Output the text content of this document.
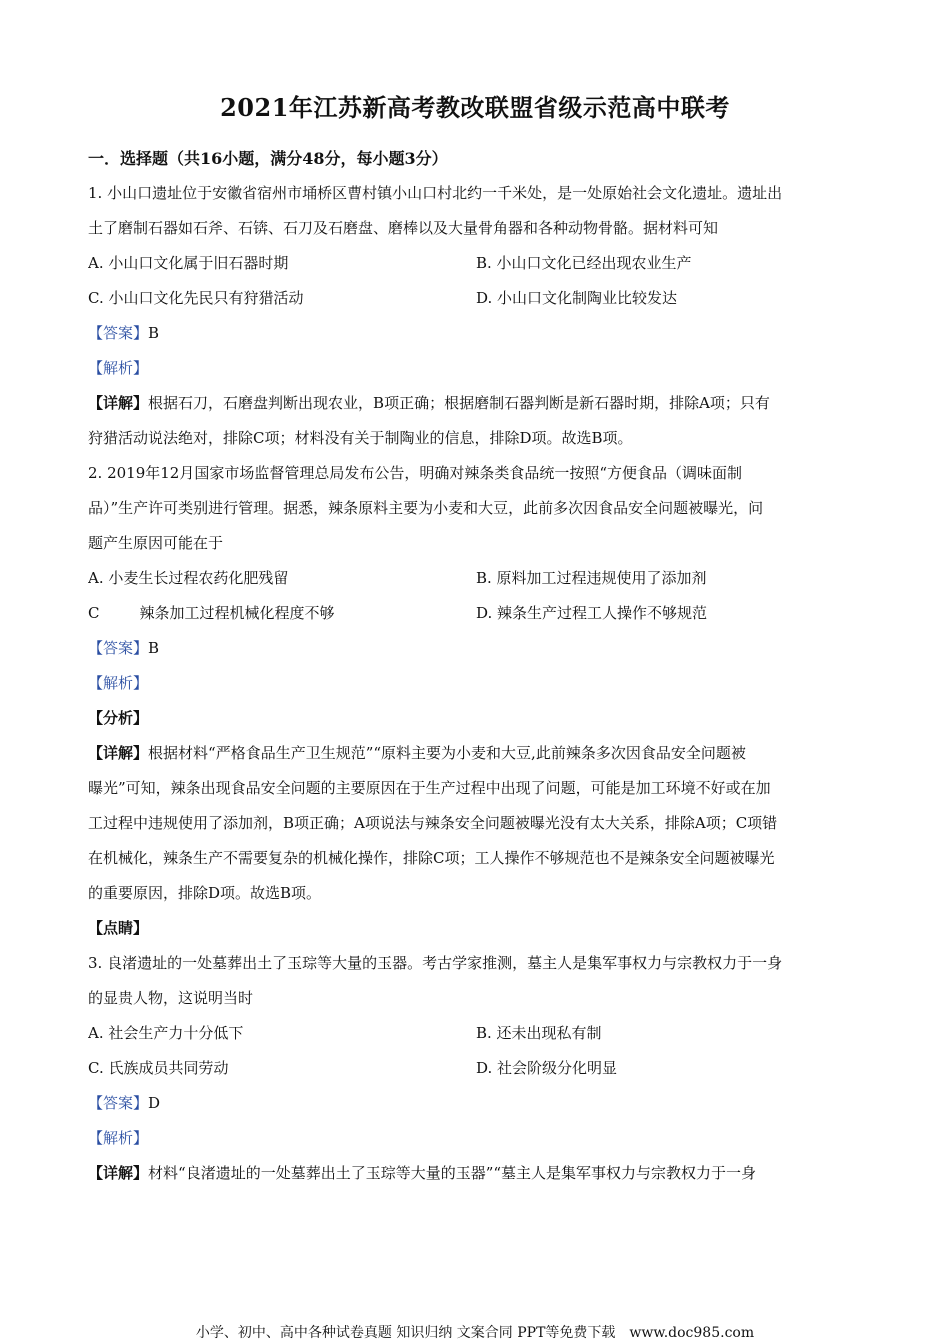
2021年江苏新高考教改联盟省级示范高中联考
一．选择题（共16小题，满分48分，每小题3分）
1. 小山口遗址位于安徽省宿州市埇桥区曹村镇小山口村北约一千米处，是一处原始社会文化遗址。遗址出
土了磨制石器如石斧、石锛、石刀及石磨盘、磨棒以及大量骨角器和各种动物骨骼。据材料可知
A. 小山口文化属于旧石器时期	B. 小山口文化已经出现农业生产
C. 小山口文化先民只有狩猎活动	D. 小山口文化制陶业比较发达
【答案】B
【解析】
【详解】根据石刀，石磨盘判断出现农业，B项正确；根据磨制石器判断是新石器时期，排除A项；只有
狩猎活动说法绝对，排除C项；材料没有关于制陶业的信息，排除D项。故选B项。
2. 2019年12月国家市场监督管理总局发布公告，明确对辣条类食品统一按照“方便食品（调味面制
品）”生产许可类别进行管理。据悉，辣条原料主要为小麦和大豆，此前多次因食品安全问题被曝光，问
题产生原因可能在于
A. 小麦生长过程农药化肥残留	B. 原料加工过程违规使用了添加剂
C	辣条加工过程机械化程度不够	D. 辣条生产过程工人操作不够规范
【答案】B
【解析】
【分析】
【详解】根据材料“严格食品生产卫生规范”“原料主要为小麦和大豆,此前辣条多次因食品安全问题被
曝光”可知，辣条出现食品安全问题的主要原因在于生产过程中出现了问题，可能是加工环境不好或在加
工过程中违规使用了添加剂，B项正确；A项说法与辣条安全问题被曝光没有太大关系，排除A项；C项错
在机械化，辣条生产不需要复杂的机械化操作，排除C项；工人操作不够规范也不是辣条安全问题被曝光
的重要原因，排除D项。故选B项。
【点睛】
3. 良渚遗址的一处墓葬出土了玉琮等大量的玉器。考古学家推测，墓主人是集军事权力与宗教权力于一身
的显贵人物，这说明当时
A. 社会生产力十分低下	B. 还未出现私有制
C. 氏族成员共同劳动	D. 社会阶级分化明显
【答案】D
【解析】
【详解】材料“良渚遗址的一处墓葬出土了玉琮等大量的玉器”“墓主人是集军事权力与宗教权力于一身
小学、初中、高中各种试卷真题 知识归纳 文案合同 PPT等免费下载 www.doc985.com
